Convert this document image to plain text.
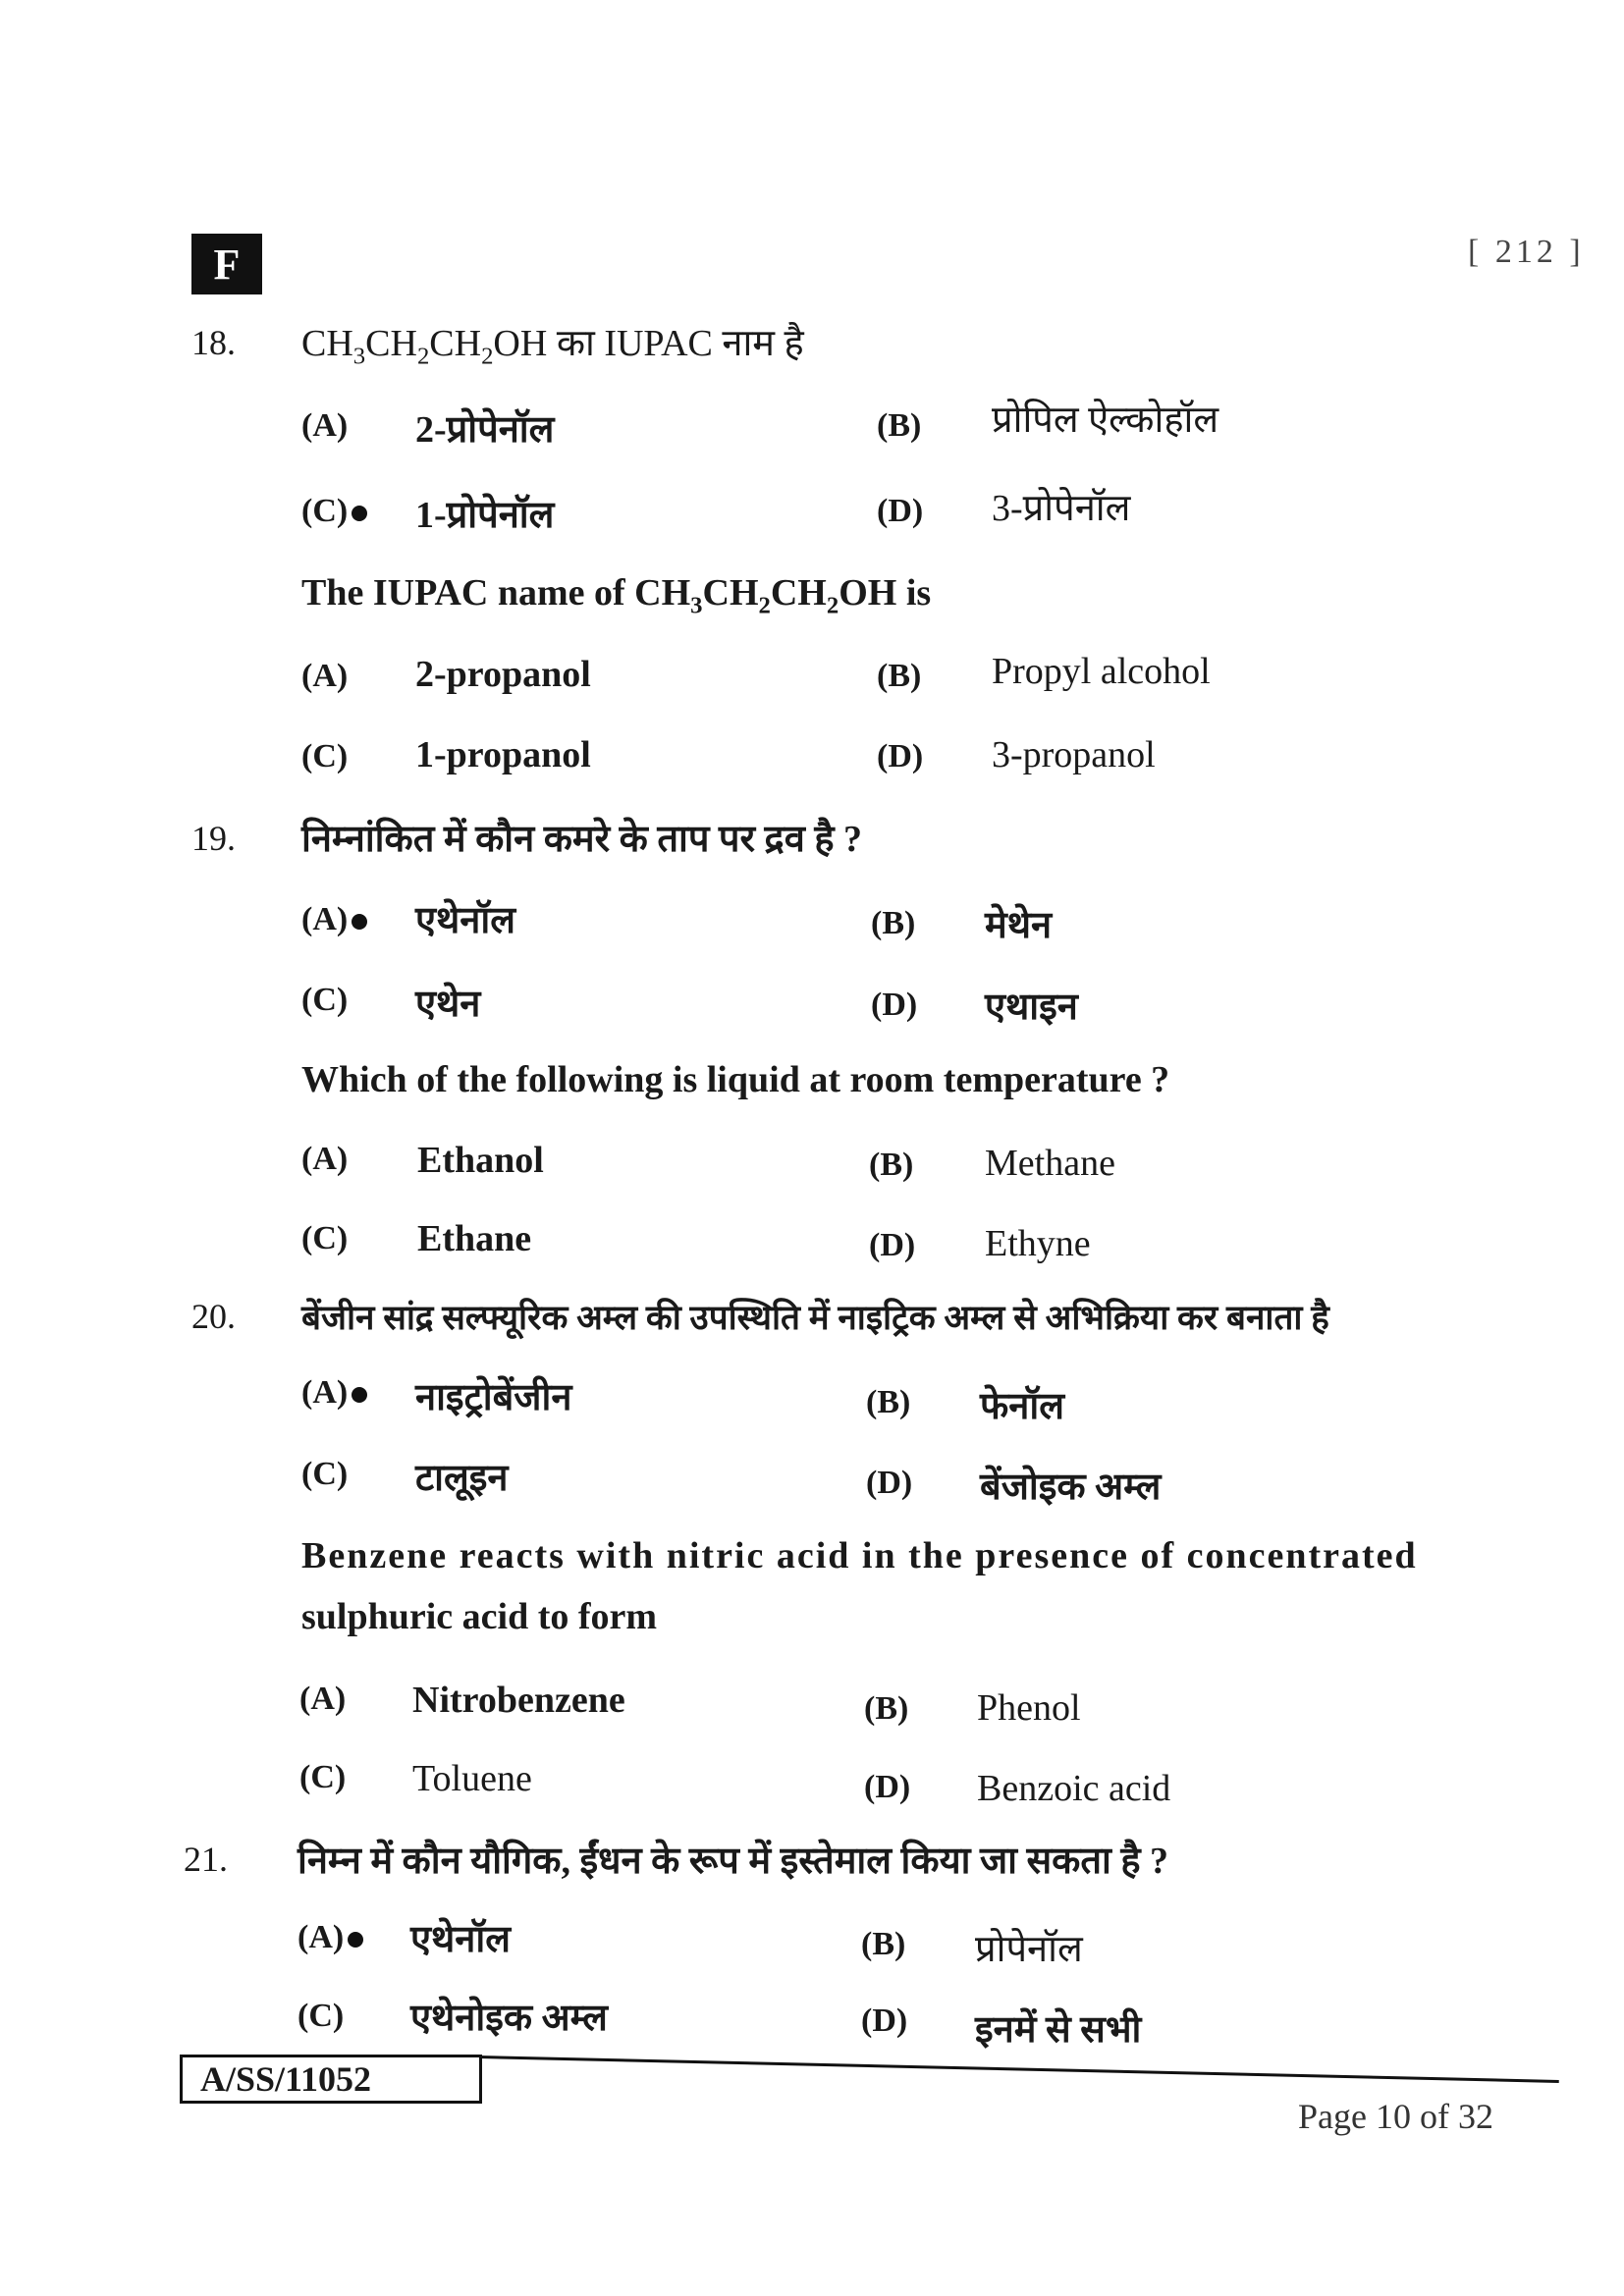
F	[ 212 ]
18. $CH_3CH_2CH_2OH$ का IUPAC नाम है
(A) 2-प्रोपेनॉल	(B) प्रोपिल ऐल्कोहॉल
(C)	1-प्रोपेनॉल	(D) 3-प्रोपेनॉल
The IUPAC name of $CH_3CH_2CH_2OH$ is
(A) 2-propanol	(B) Propyl alcohol
(C) 1-propanol	(D) 3-propanol
19. निम्नांकित में कौन कमरे के ताप पर द्रव है ?
(A)	एथेनॉल	(B) मेथेन
(C) एथेन	(D) एथाइन
Which of the following is liquid at room temperature ?
(A) Ethanol	(B) Methane
(C) Ethane	(D) Ethyne
20. बेंजीन सांद्र सल्फ्यूरिक अम्ल की उपस्थिति में नाइट्रिक अम्ल से अभिक्रिया कर बनाता है
(A)	नाइट्रोबेंजीन	(B) फेनॉल
(C) टालूइन	(D) बेंजोइक अम्ल
Benzene reacts with nitric acid in the presence of concentrated
sulphuric acid to form
(A) Nitrobenzene	(B) Phenol
(C) Toluene	(D) Benzoic acid
21. निम्न में कौन यौगिक, ईंधन के रूप में इस्तेमाल किया जा सकता है ?
(A)	एथेनॉल	(B) प्रोपेनॉल
(C) एथेनोइक अम्ल	(D) इनमें से सभी
A/SS/11052
Page 10 of 32
